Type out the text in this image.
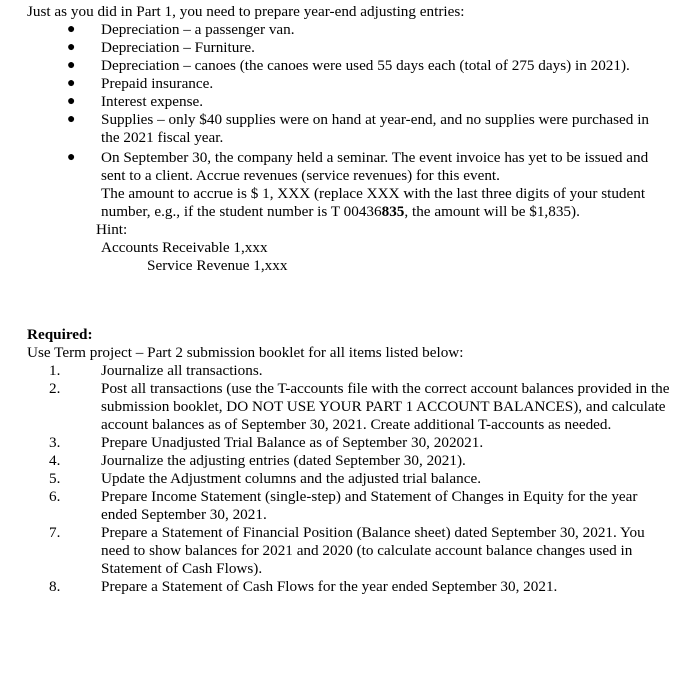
Just as you did in Part 1, you need to prepare year-end adjusting entries:
● Depreciation – a passenger van.
● Depreciation – Furniture.
● Depreciation – canoes (the canoes were used 55 days each (total of 275 days) in 2021).
● Prepaid insurance.
● Interest expense.
● Supplies – only $40 supplies were on hand at year-end, and no supplies were purchased in the 2021 fiscal year.
● On September 30, the company held a seminar. The event invoice has yet to be issued and sent to a client. Accrue revenues (service revenues) for this event.
The amount to accrue is $ 1, XXX (replace XXX with the last three digits of your student number, e.g., if the student number is T 00436835, the amount will be $1,835).
Hint:
Accounts Receivable 1,xxx
Service Revenue 1,xxx
Required:
Use Term project – Part 2 submission booklet for all items listed below:
1.	Journalize all transactions.
2.	Post all transactions (use the T-accounts file with the correct account balances provided in the submission booklet, DO NOT USE YOUR PART 1 ACCOUNT BALANCES), and calculate account balances as of September 30, 2021. Create additional T-accounts as needed.
3.	Prepare Unadjusted Trial Balance as of September 30, 202021.
4.	Journalize the adjusting entries (dated September 30, 2021).
5.	Update the Adjustment columns and the adjusted trial balance.
6.	Prepare Income Statement (single-step) and Statement of Changes in Equity for the year ended September 30, 2021.
7.	Prepare a Statement of Financial Position (Balance sheet) dated September 30, 2021. You need to show balances for 2021 and 2020 (to calculate account balance changes used in Statement of Cash Flows).
8.	Prepare a Statement of Cash Flows for the year ended September 30, 2021.
